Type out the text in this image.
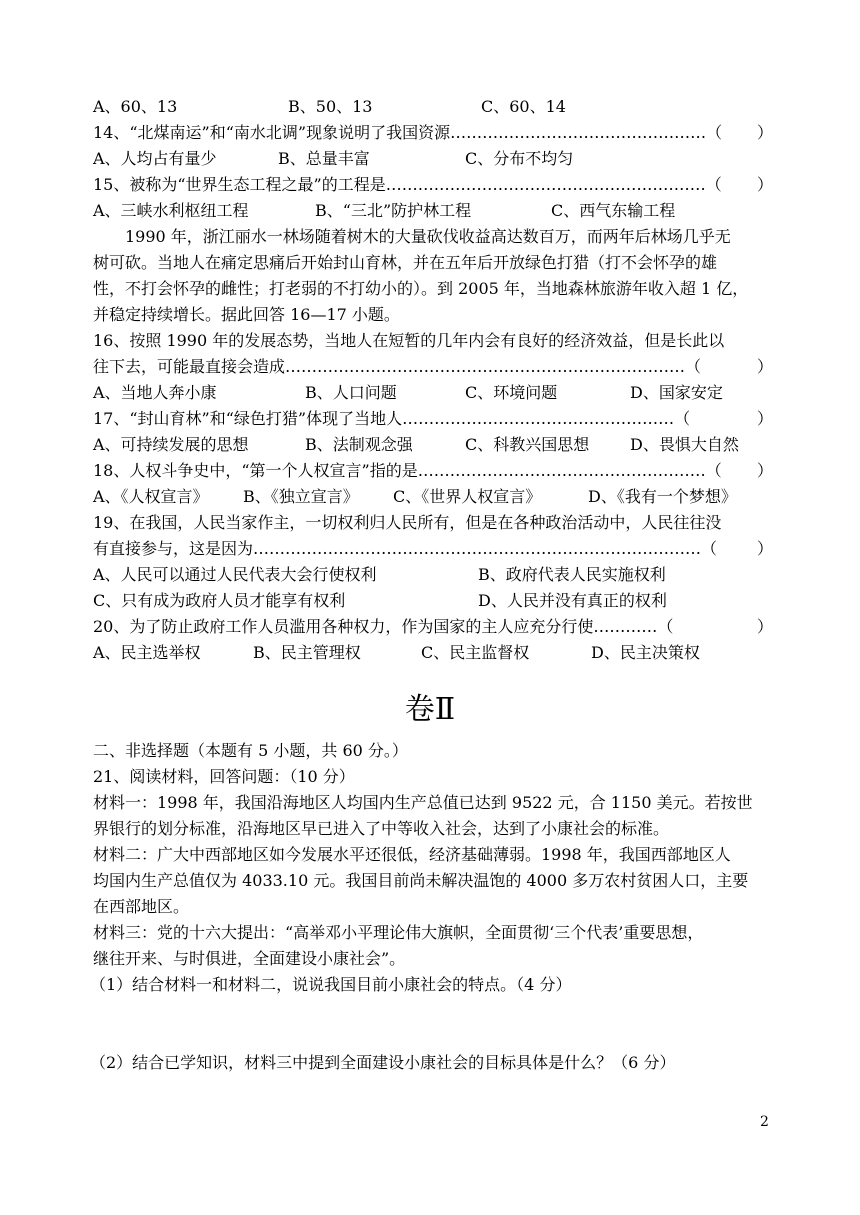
A、60、13	B、50、13	C、60、14
14、“北煤南运”和“南水北调”现象说明了我国资源…………………………………………（ ）
A、人均占有量少	B、总量丰富	C、分布不均匀
15、被称为“世界生态工程之最”的工程是……………………………………………………（ ）
A、三峡水利枢纽工程	B、“三北”防护林工程	C、西气东输工程
1990 年，浙江丽水一林场随着树木的大量砍伐收益高达数百万，而两年后林场几乎无
树可砍。当地人在痛定思痛后开始封山育林，并在五年后开放绿色打猎（打不会怀孕的雄
性，不打会怀孕的雌性；打老弱的不打幼小的）。到 2005 年，当地森林旅游年收入超 1 亿，
并稳定持续增长。据此回答 16—17 小题。
16、按照 1990 年的发展态势，当地人在短暂的几年内会有良好的经济效益，但是长此以
往下去，可能最直接会造成…………………………………………………………………（	）
A、当地人奔小康	B、人口问题	C、环境问题	D、国家安定
17、“封山育林”和“绿色打猎”体现了当地人……………………………………………（	）
A、可持续发展的思想	B、法制观念强	C、科教兴国思想	D、畏惧大自然
18、人权斗争史中，“第一个人权宣言”指的是………………………………………………（ ）
A、《人权宣言》 B、《独立宣言》 C、《世界人权宣言》	D、《我有一个梦想》
19、在我国，人民当家作主，一切权利归人民所有，但是在各种政治活动中，人民往往没
有直接参与，这是因为…………………………………………………………………………（ ）
A、人民可以通过人民代表大会行使权利	B、政府代表人民实施权利
C、只有成为政府人员才能享有权利	D、人民并没有真正的权利
20、为了防止政府工作人员滥用各种权力，作为国家的主人应充分行使…………（	）
A、民主选举权	B、民主管理权	C、民主监督权	D、民主决策权
卷Ⅱ
二、非选择题（本题有 5 小题，共 60 分。）
21、阅读材料，回答问题：（10 分）
材料一：1998 年，我国沿海地区人均国内生产总值已达到 9522 元，合 1150 美元。若按世
界银行的划分标准，沿海地区早已进入了中等收入社会，达到了小康社会的标准。
材料二：广大中西部地区如今发展水平还很低，经济基础薄弱。1998 年，我国西部地区人
均国内生产总值仅为 4033.10 元。我国目前尚未解决温饱的 4000 多万农村贫困人口，主要
在西部地区。
材料三：党的十六大提出：“高举邓小平理论伟大旗帜，全面贯彻‘三个代表’重要思想，
继往开来、与时俱进，全面建设小康社会”。
（1）结合材料一和材料二，说说我国目前小康社会的特点。（4 分）
（2）结合已学知识，材料三中提到全面建设小康社会的目标具体是什么？（6 分）
2
